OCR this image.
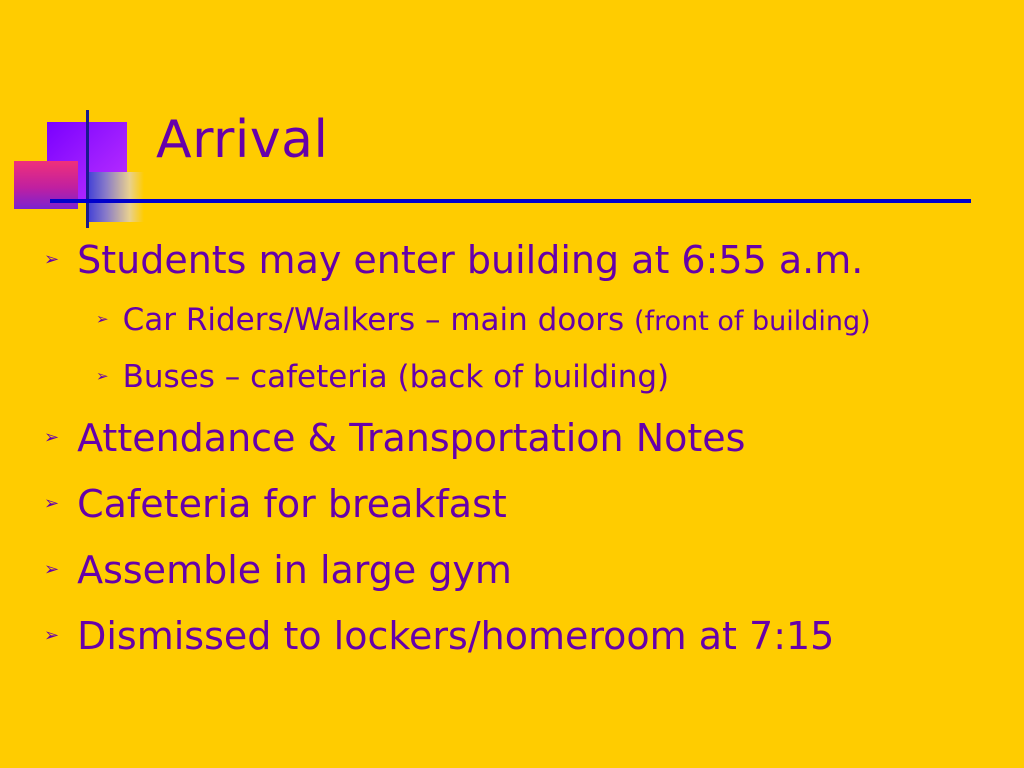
Arrival
➢ Students may enter building at 6:55 a.m.
➢ Car Riders/Walkers – main doors (front of building)
➢ Buses – cafeteria (back of building)
➢ Attendance & Transportation Notes
➢ Cafeteria for breakfast
➢ Assemble in large gym
➢ Dismissed to lockers/homeroom at 7:15
